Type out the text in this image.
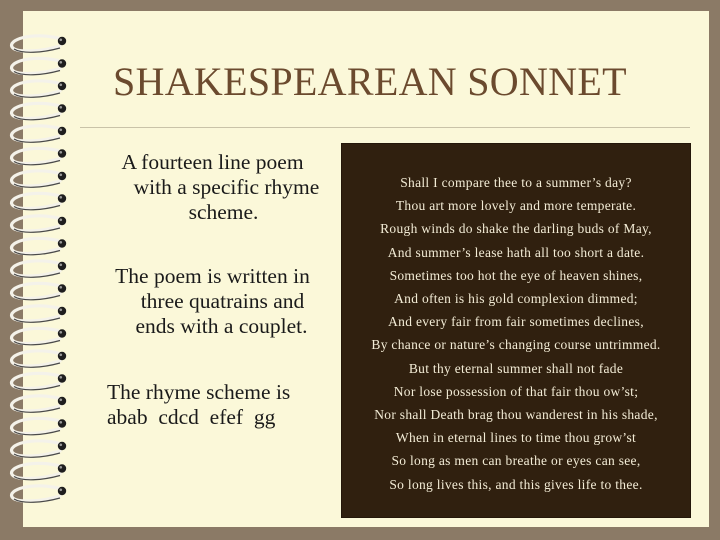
SHAKESPEAREAN SONNET
A fourteen line poem
with a specific rhyme
scheme.
The poem is written in
three quatrains and
ends with a couplet.
The rhyme scheme is
abab  cdcd  efef  gg
Shall I compare thee to a summer’s day?
Thou art more lovely and more temperate.
Rough winds do shake the darling buds of May,
And summer’s lease hath all too short a date.
Sometimes too hot the eye of heaven shines,
And often is his gold complexion dimmed;
And every fair from fair sometimes declines,
By chance or nature’s changing course untrimmed.
But thy eternal summer shall not fade
Nor lose possession of that fair thou ow’st;
Nor shall Death brag thou wanderest in his shade,
When in eternal lines to time thou grow’st
So long as men can breathe or eyes can see,
So long lives this, and this gives life to thee.
